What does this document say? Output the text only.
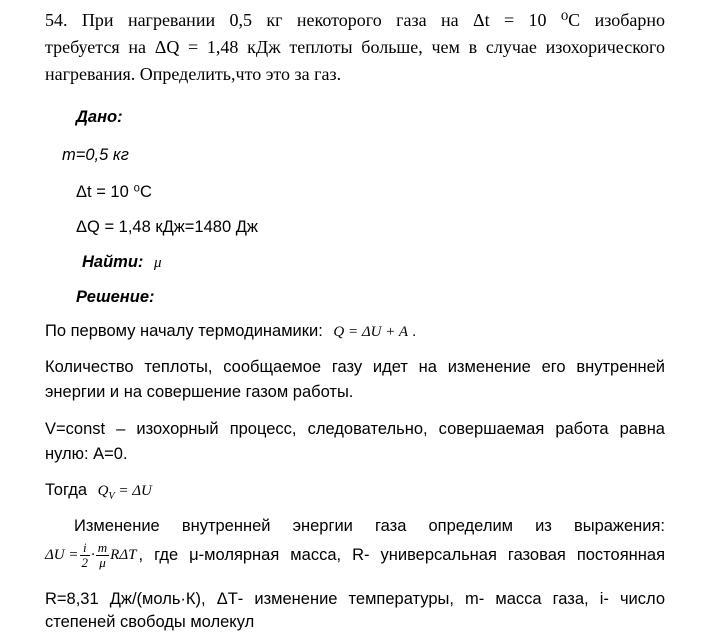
54. При нагревании 0,5 кг некоторого газа на Δt = 10 ⁰С изобарно
требуется на ΔQ = 1,48 кДж теплоты больше, чем в случае изохорического
нагревания. Определить,что это за газ.
Дано:
m=0,5 кг
Δt = 10 ⁰С
ΔQ = 1,48 кДж=1480 Дж
Найти: μ
Решение:
По первому началу термодинамики: Q = ΔU + A .
Количество теплоты, сообщаемое газу идет на изменение его внутренней
энергии и на совершение газом работы.
V=const – изохорный процесс, следовательно, совершаемая работа равна
нулю: А=0.
Тогда $Q_V = \Delta U$
Изменение внутренней энергии газа определим из выражения:
$\Delta U = \frac{i}{2} \cdot \frac{m}{\mu}$ RΔT , где μ-молярная масса, R- универсальная газовая постоянная
R=8,31 Дж/(моль·К), ΔТ- изменение температуры, m- масса газа, i- число
степеней свободы молекул
